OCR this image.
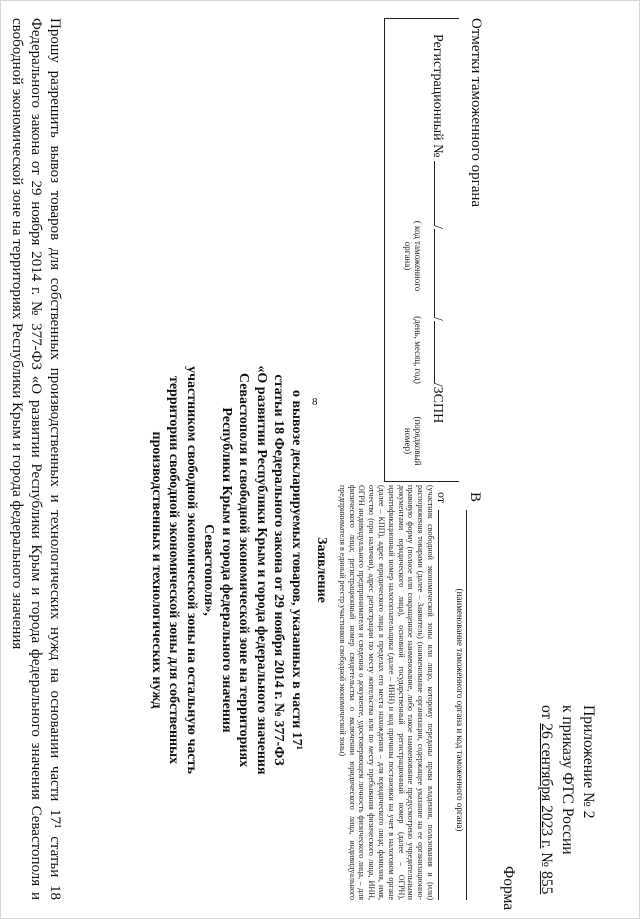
8
Приложение № 2
к приказу ФТС России
от 26 сентября 2023 г. № 855
Форма
Отметки таможенного органа
Регистрационный № ///ЗСПН
( код таможенного органа)
(день, месяц, год)
(порядковый номер)
В
(наименование таможенного органа и код таможенного органа)
от
(участник свободной экономической зоны или лицо, которому переданы права владения, пользования и (или) распоряжения товарами (далее – Заявитель) (наименование организации, содержащее указание на ее организационно-правовую форму (полное или сокращенное наименование, либо такое наименование предусмотрено учредительными документами юридического лица), основной государственный регистрационный номер (далее – ОГРН), идентификационный номер налогоплательщика (далее – ИНН) и код причины постановки на учет в налоговом органе (далее – КПП), адрес юридического лица в пределах его места нахождения – для юридического лица; фамилия, имя, отчество (при наличии), адрес регистрации по месту жительства или по месту пребывания физического лица, ИНН, ОГРН индивидуального предпринимателя и сведения о документе, удостоверяющем личность физического лица, – для физического лица; регистрационный номер свидетельства о включении юридического лица, индивидуального предпринимателя в единый реестр участников свободной экономической зоны)
Заявление
о вывозе декларируемых товаров, указанных в части 17¹
статьи 18 Федерального закона от 29 ноября 2014 г. № 377-ФЗ
«О развитии Республики Крым и города федерального значения
Севастополя и свободной экономической зоне на территориях
Республики Крым и города федерального значения Севастополя»,
участником свободной экономической зоны на остальную часть
территории свободной экономической зоны для собственных
производственных и технологических нужд
Прошу разрешить вывоз товаров для собственных производственных и технологических нужд на основании части 17¹ статьи 18 Федерального закона от 29 ноября 2014 г. № 377-ФЗ «О развитии Республики Крым и города федерального значения Севастополя и свободной экономической зоне на территориях Республики Крым и города федерального значения
